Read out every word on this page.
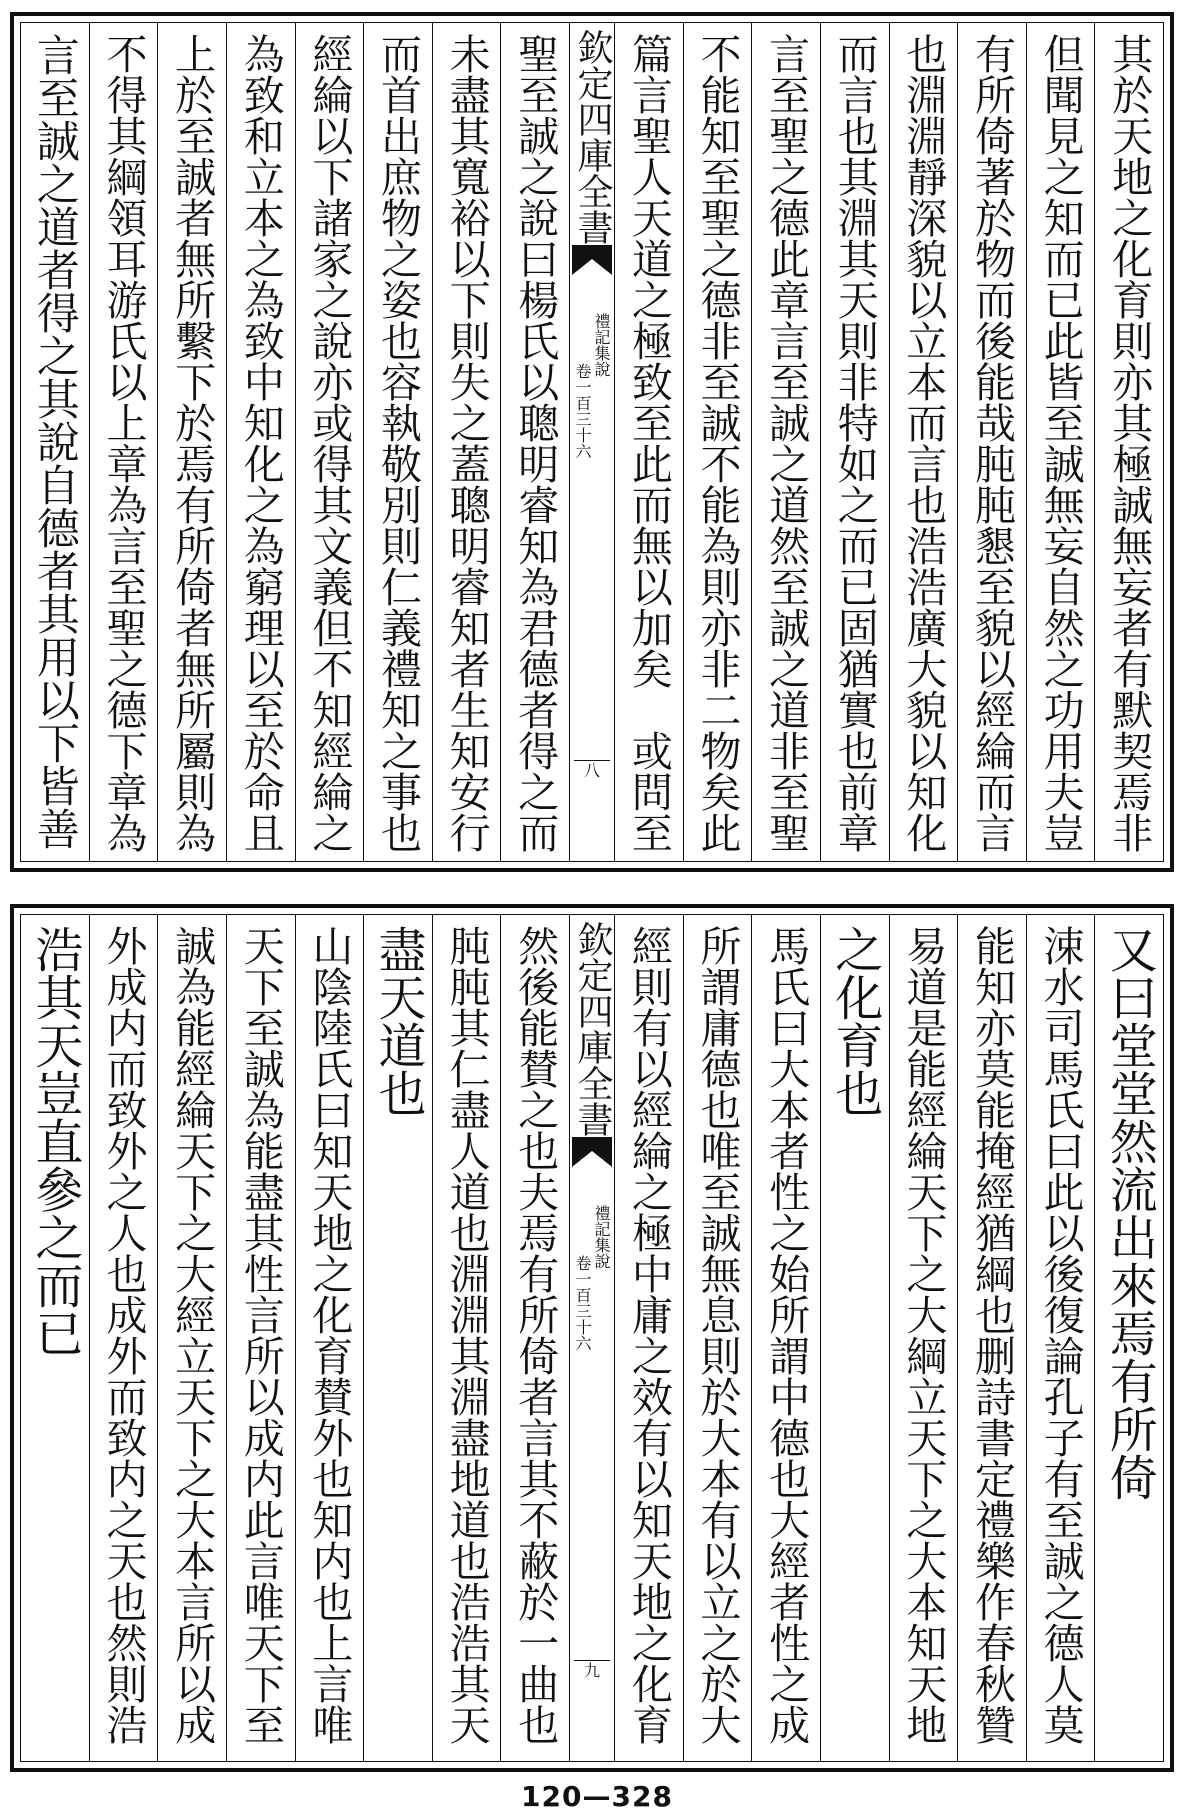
其於天地之化育則亦其極誠無妄者有默契焉非
但聞見之知而已此皆至誠無妄自然之功用夫豈
有所倚著於物而後能哉肫肫懇至貌以經綸而言
也淵淵靜深貌以立本而言也浩浩廣大貌以知化
而言也其淵其天則非特如之而已固猶實也前章
言至聖之德此章言至誠之道然至誠之道非至聖
不能知至聖之德非至誠不能為則亦非二物矣此
篇言聖人天道之極致至此而無以加矣　或問至
欽定四庫全書
禮記集說
卷一百三十六
八
聖至誠之說曰楊氏以聰明睿知為君德者得之而
未盡其寬裕以下則失之蓋聰明睿知者生知安行
而首出庶物之姿也容執敬別則仁義禮知之事也
經綸以下諸家之說亦或得其文義但不知經綸之
為致和立本之為致中知化之為窮理以至於命且
上於至誠者無所繫下於焉有所倚者無所屬則為
不得其綱領耳游氏以上章為言至聖之德下章為
言至誠之道者得之其說自德者其用以下皆善
又曰堂堂然流出來焉有所倚
涑水司馬氏曰此以後復論孔子有至誠之德人莫
能知亦莫能掩經猶綱也删詩書定禮樂作春秋贊
易道是能經綸天下之大綱立天下之大本知天地
之化育也
馬氏曰大本者性之始所謂中德也大經者性之成
所謂庸德也唯至誠無息則於大本有以立之於大
經則有以經綸之極中庸之效有以知天地之化育
欽定四庫全書
禮記集說
卷一百三十六
九
然後能賛之也夫焉有所倚者言其不蔽於一曲也
肫肫其仁盡人道也淵淵其淵盡地道也浩浩其天
盡天道也
山陰陸氏曰知天地之化育賛外也知内也上言唯
天下至誠為能盡其性言所以成内此言唯天下至
誠為能經綸天下之大經立天下之大本言所以成
外成内而致外之人也成外而致内之天也然則浩
浩其天豈直參之而已
120—328
